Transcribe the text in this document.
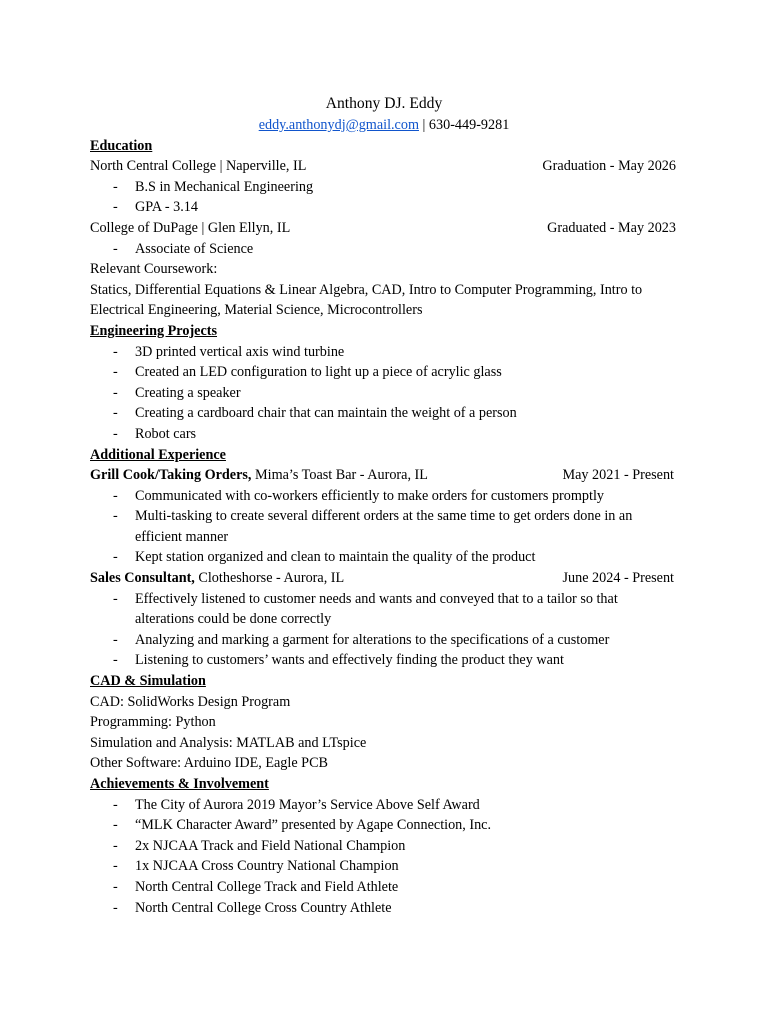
Anthony DJ. Eddy
eddy.anthonydj@gmail.com | 630-449-9281
Education
North Central College | Naperville, IL	Graduation - May 2026
- B.S in Mechanical Engineering
- GPA - 3.14
College of DuPage | Glen Ellyn, IL	Graduated - May 2023
- Associate of Science
Relevant Coursework:
Statics, Differential Equations & Linear Algebra, CAD, Intro to Computer Programming, Intro to Electrical Engineering, Material Science, Microcontrollers
Engineering Projects
- 3D printed vertical axis wind turbine
- Created an LED configuration to light up a piece of acrylic glass
- Creating a speaker
- Creating a cardboard chair that can maintain the weight of a person
- Robot cars
Additional Experience
Grill Cook/Taking Orders, Mima’s Toast Bar - Aurora, IL	May 2021 - Present
- Communicated with co-workers efficiently to make orders for customers promptly
- Multi-tasking to create several different orders at the same time to get orders done in an efficient manner
- Kept station organized and clean to maintain the quality of the product
Sales Consultant, Clotheshorse - Aurora, IL	June 2024 - Present
- Effectively listened to customer needs and wants and conveyed that to a tailor so that alterations could be done correctly
- Analyzing and marking a garment for alterations to the specifications of a customer
- Listening to customers’ wants and effectively finding the product they want
CAD & Simulation
CAD: SolidWorks Design Program
Programming: Python
Simulation and Analysis: MATLAB and LTspice
Other Software: Arduino IDE, Eagle PCB
Achievements & Involvement
- The City of Aurora 2019 Mayor’s Service Above Self Award
- “MLK Character Award” presented by Agape Connection, Inc.
- 2x NJCAA Track and Field National Champion
- 1x NJCAA Cross Country National Champion
- North Central College Track and Field Athlete
- North Central College Cross Country Athlete
